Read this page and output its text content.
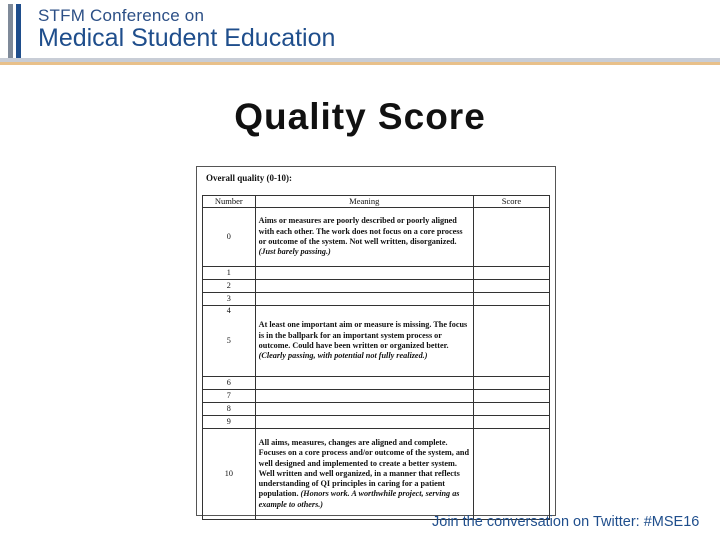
STFM Conference on
Medical Student Education
Quality Score
Overall quality (0-10):
Number	Meaning	Score
0	Aims or measures are poorly described or poorly aligned with each other. The work does not focus on a core process or outcome of the system. Not well written, disorganized. (Just barely passing.)	
1		
2		
3		

4
5	At least one important aim or measure is missing. The focus is in the ballpark for an important system process or outcome. Could have been written or organized better. (Clearly passing, with potential not fully realized.)	
6		
7		
8		
9		
10	All aims, measures, changes are aligned and complete. Focuses on a core process and/or outcome of the system, and well designed and implemented to create a better system. Well written and well organized, in a manner that reflects understanding of QI principles in caring for a patient population. (Honors work. A worthwhile project, serving as example to others.)	
Join the conversation on Twitter: #MSE16
